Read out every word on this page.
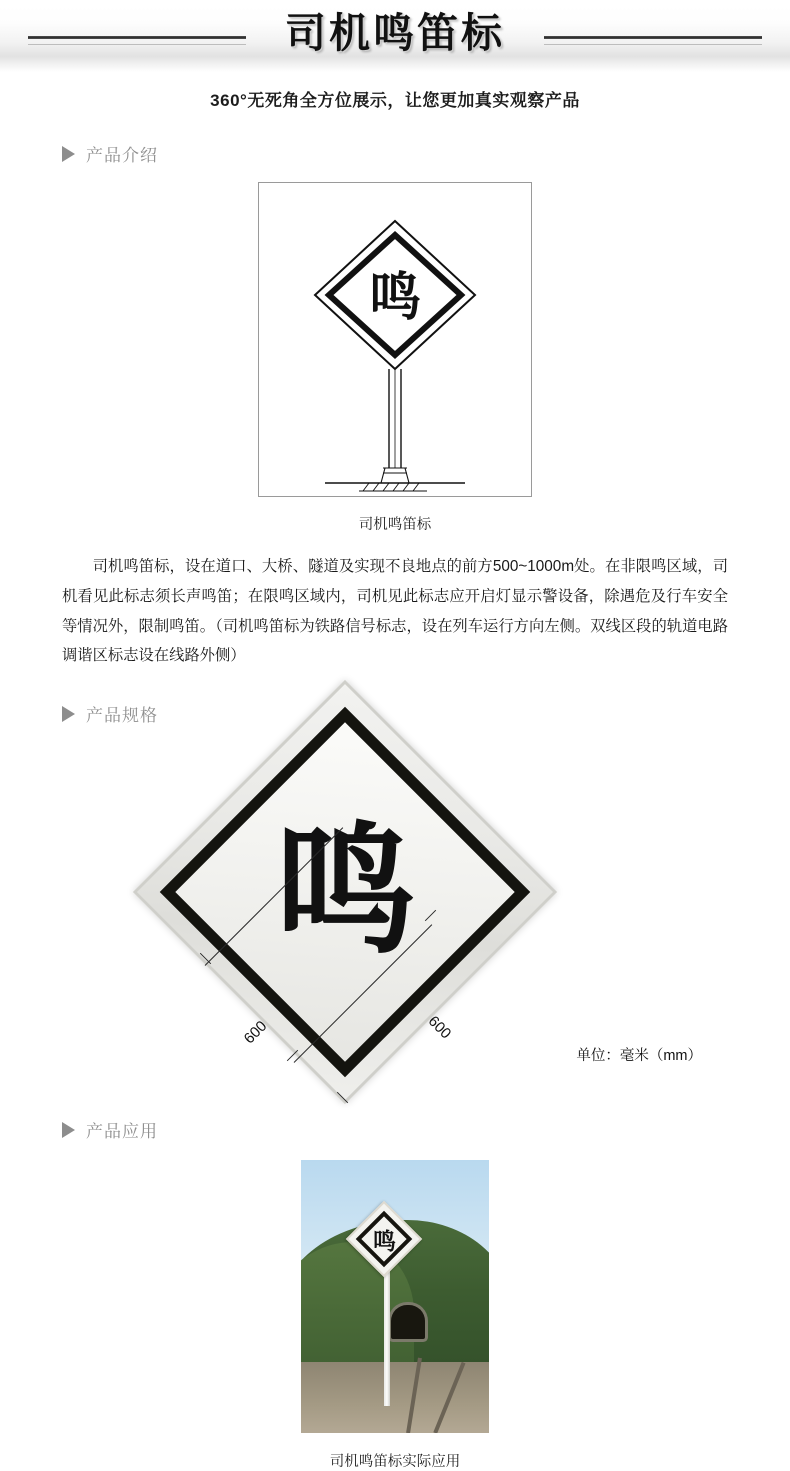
司机鸣笛标
360°无死角全方位展示，让您更加真实观察产品
产品介绍
鸣
司机鸣笛标
司机鸣笛标，设在道口、大桥、隧道及实现不良地点的前方500~1000m处。在非限鸣区域，司机看见此标志须长声鸣笛；在限鸣区域内，司机见此标志应开启灯显示警设备，除遇危及行车安全等情况外，限制鸣笛。（司机鸣笛标为铁路信号标志，设在列车运行方向左侧。双线区段的轨道电路调谐区标志设在线路外侧）
产品规格
鸣
600	600
单位：毫米（mm）
产品应用
鸣
司机鸣笛标实际应用
